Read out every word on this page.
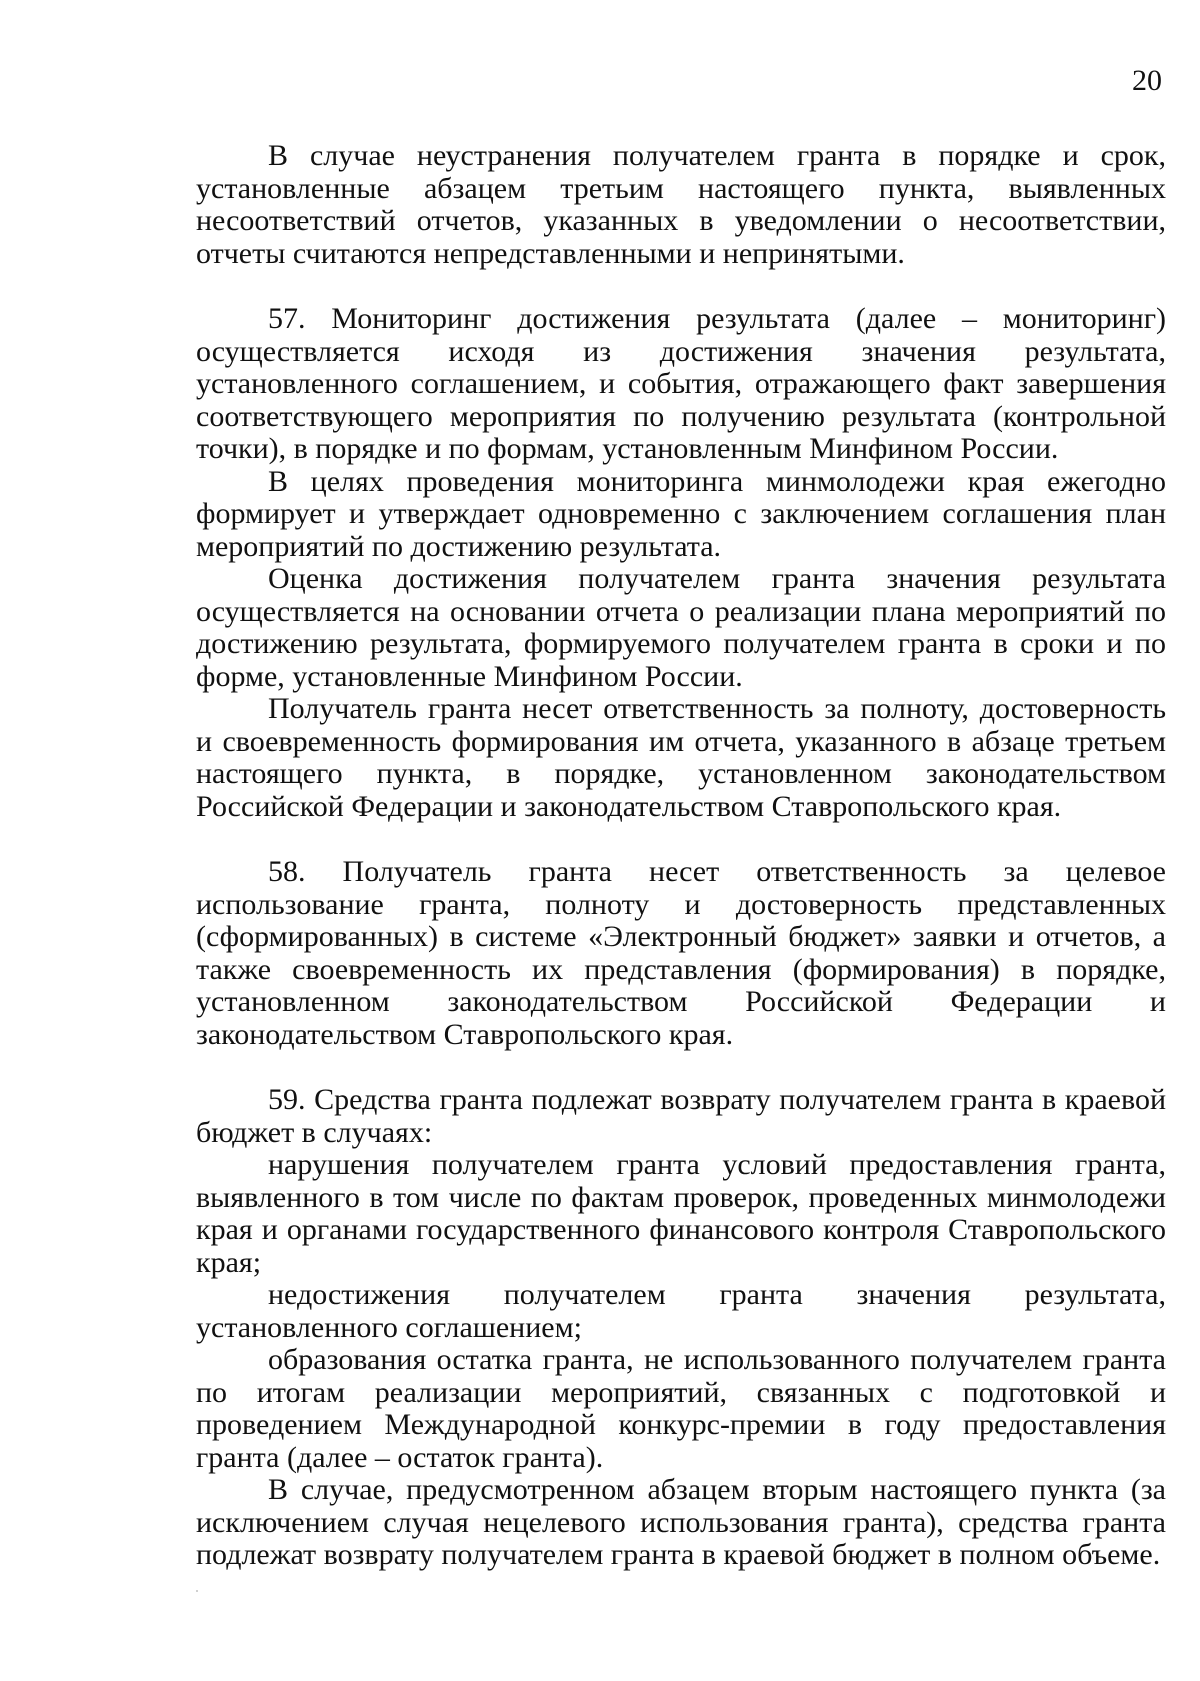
20

В случае неустранения получателем гранта в порядке и срок, установленные абзацем третьим настоящего пункта, выявленных несоответствий отчетов, указанных в уведомлении о несоответствии, отчеты считаются непредставленными и непринятыми.

57. Мониторинг достижения результата (далее – мониторинг) осуществляется исходя из достижения значения результата, установленного соглашением, и события, отражающего факт завершения соответствующего мероприятия по получению результата (контрольной точки), в порядке и по формам, установленным Минфином России.

В целях проведения мониторинга минмолодежи края ежегодно формирует и утверждает одновременно с заключением соглашения план мероприятий по достижению результата.

Оценка достижения получателем гранта значения результата осуществляется на основании отчета о реализации плана мероприятий по достижению результата, формируемого получателем гранта в сроки и по форме, установленные Минфином России.

Получатель гранта несет ответственность за полноту, достоверность и своевременность формирования им отчета, указанного в абзаце третьем настоящего пункта, в порядке, установленном законодательством Российской Федерации и законодательством Ставропольского края.

58. Получатель гранта несет ответственность за целевое использование гранта, полноту и достоверность представленных (сформированных) в системе «Электронный бюджет» заявки и отчетов, а также своевременность их представления (формирования) в порядке, установленном законодательством Российской Федерации и законодательством Ставропольского края.

59. Средства гранта подлежат возврату получателем гранта в краевой бюджет в случаях:

нарушения получателем гранта условий предоставления гранта, выявленного в том числе по фактам проверок, проведенных минмолодежи края и органами государственного финансового контроля Ставропольского края;

недостижения получателем гранта значения результата, установленного соглашением;

образования остатка гранта, не использованного получателем гранта по итогам реализации мероприятий, связанных с подготовкой и проведением Международной конкурс-премии в году предоставления гранта (далее – остаток гранта).

В случае, предусмотренном абзацем вторым настоящего пункта (за исключением случая нецелевого использования гранта), средства гранта подлежат возврату получателем гранта в краевой бюджет в полном объеме.
